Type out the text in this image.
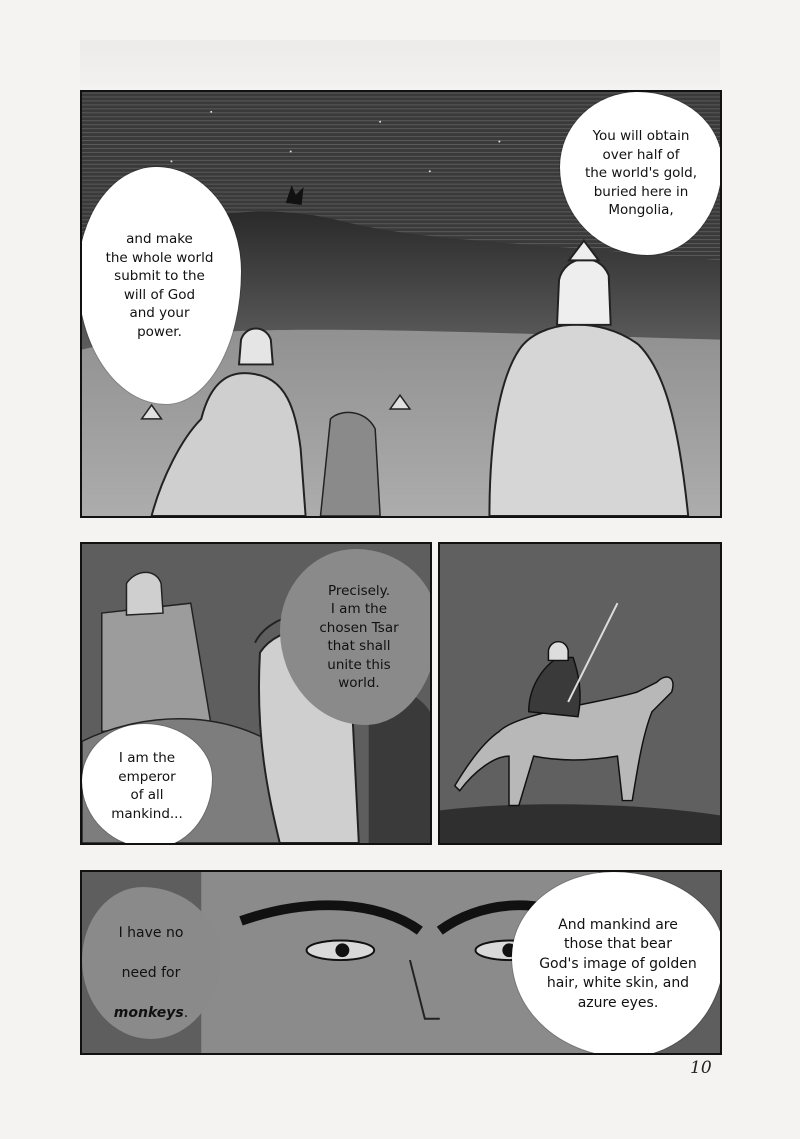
and make
the whole world
submit to the
will of God
and your
power.
You will obtain
over half of
the world's gold,
buried here in
Mongolia,
Precisely.
I am the
chosen Tsar
that shall
unite this
world.
I am the
emperor
of all
mankind...

I have no

need for

monkeys.

And mankind are
those that bear
God's image of golden
hair, white skin, and
azure eyes.
10
